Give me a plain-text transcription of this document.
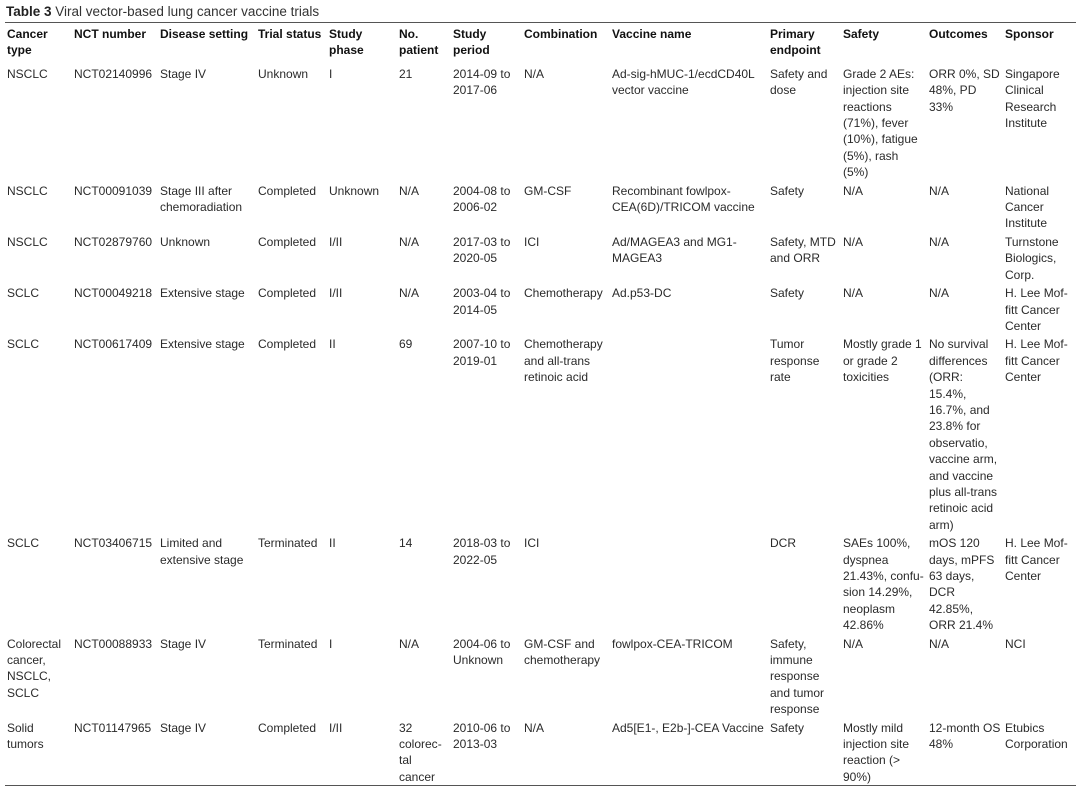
Table 3 Viral vector-based lung cancer vaccine trials
Cancer type	NCT number	Disease setting	Trial status	Study phase	No. patient	Study period	Combination	Vaccine name	Primary endpoint	Safety	Outcomes	Sponsor
NSCLC	NCT02140996	Stage IV	Unknown	I	21	2014-09 to 2017-06	N/A	Ad-sig-hMUC-1/ecdCD40L vector vaccine	Safety and dose	Grade 2 AEs: injection site reactions (71%), fever (10%), fatigue (5%), rash (5%)	ORR 0%, SD 48%, PD 33%	Singapore Clinical Research Institute
NSCLC	NCT00091039	Stage III after chemoradiation	Completed	Unknown	N/A	2004-08 to 2006-02	GM-CSF	Recombinant fowlpox-CEA(6D)/TRICOM vaccine	Safety	N/A	N/A	National Cancer Institute
NSCLC	NCT02879760	Unknown	Completed	I/II	N/A	2017-03 to 2020-05	ICI	Ad/MAGEA3 and MG1-MAGEA3	Safety, MTD and ORR	N/A	N/A	Turnstone Biologics, Corp.
SCLC	NCT00049218	Extensive stage	Completed	I/II	N/A	2003-04 to 2014-05	Chemotherapy	Ad.p53-DC	Safety	N/A	N/A	H. Lee Moffitt Cancer Center
SCLC	NCT00617409	Extensive stage	Completed	II	69	2007-10 to 2019-01	Chemotherapy and all-trans retinoic acid		Tumor response rate	Mostly grade 1 or grade 2 toxicities	No survival differences (ORR: 15.4%, 16.7%, and 23.8% for observatio, vaccine arm, and vaccine plus all-trans retinoic acid arm)	H. Lee Moffitt Cancer Center
SCLC	NCT03406715	Limited and extensive stage	Terminated	II	14	2018-03 to 2022-05	ICI		DCR	SAEs 100%, dyspnea 21.43%, confusion 14.29%, neoplasm 42.86%	mOS 120 days, mPFS 63 days, DCR 42.85%, ORR 21.4%	H. Lee Moffitt Cancer Center
Colorectal cancer, NSCLC, SCLC	NCT00088933	Stage IV	Terminated	I	N/A	2004-06 to Unknown	GM-CSF and chemotherapy	fowlpox-CEA-TRICOM	Safety, immune response and tumor response	N/A	N/A	NCI
Solid tumors	NCT01147965	Stage IV	Completed	I/II	32 colorectal cancer	2010-06 to 2013-03	N/A	Ad5[E1-, E2b-]-CEA Vaccine	Safety	Mostly mild injection site reaction (> 90%)	12-month OS 48%	Etubics Corporation
